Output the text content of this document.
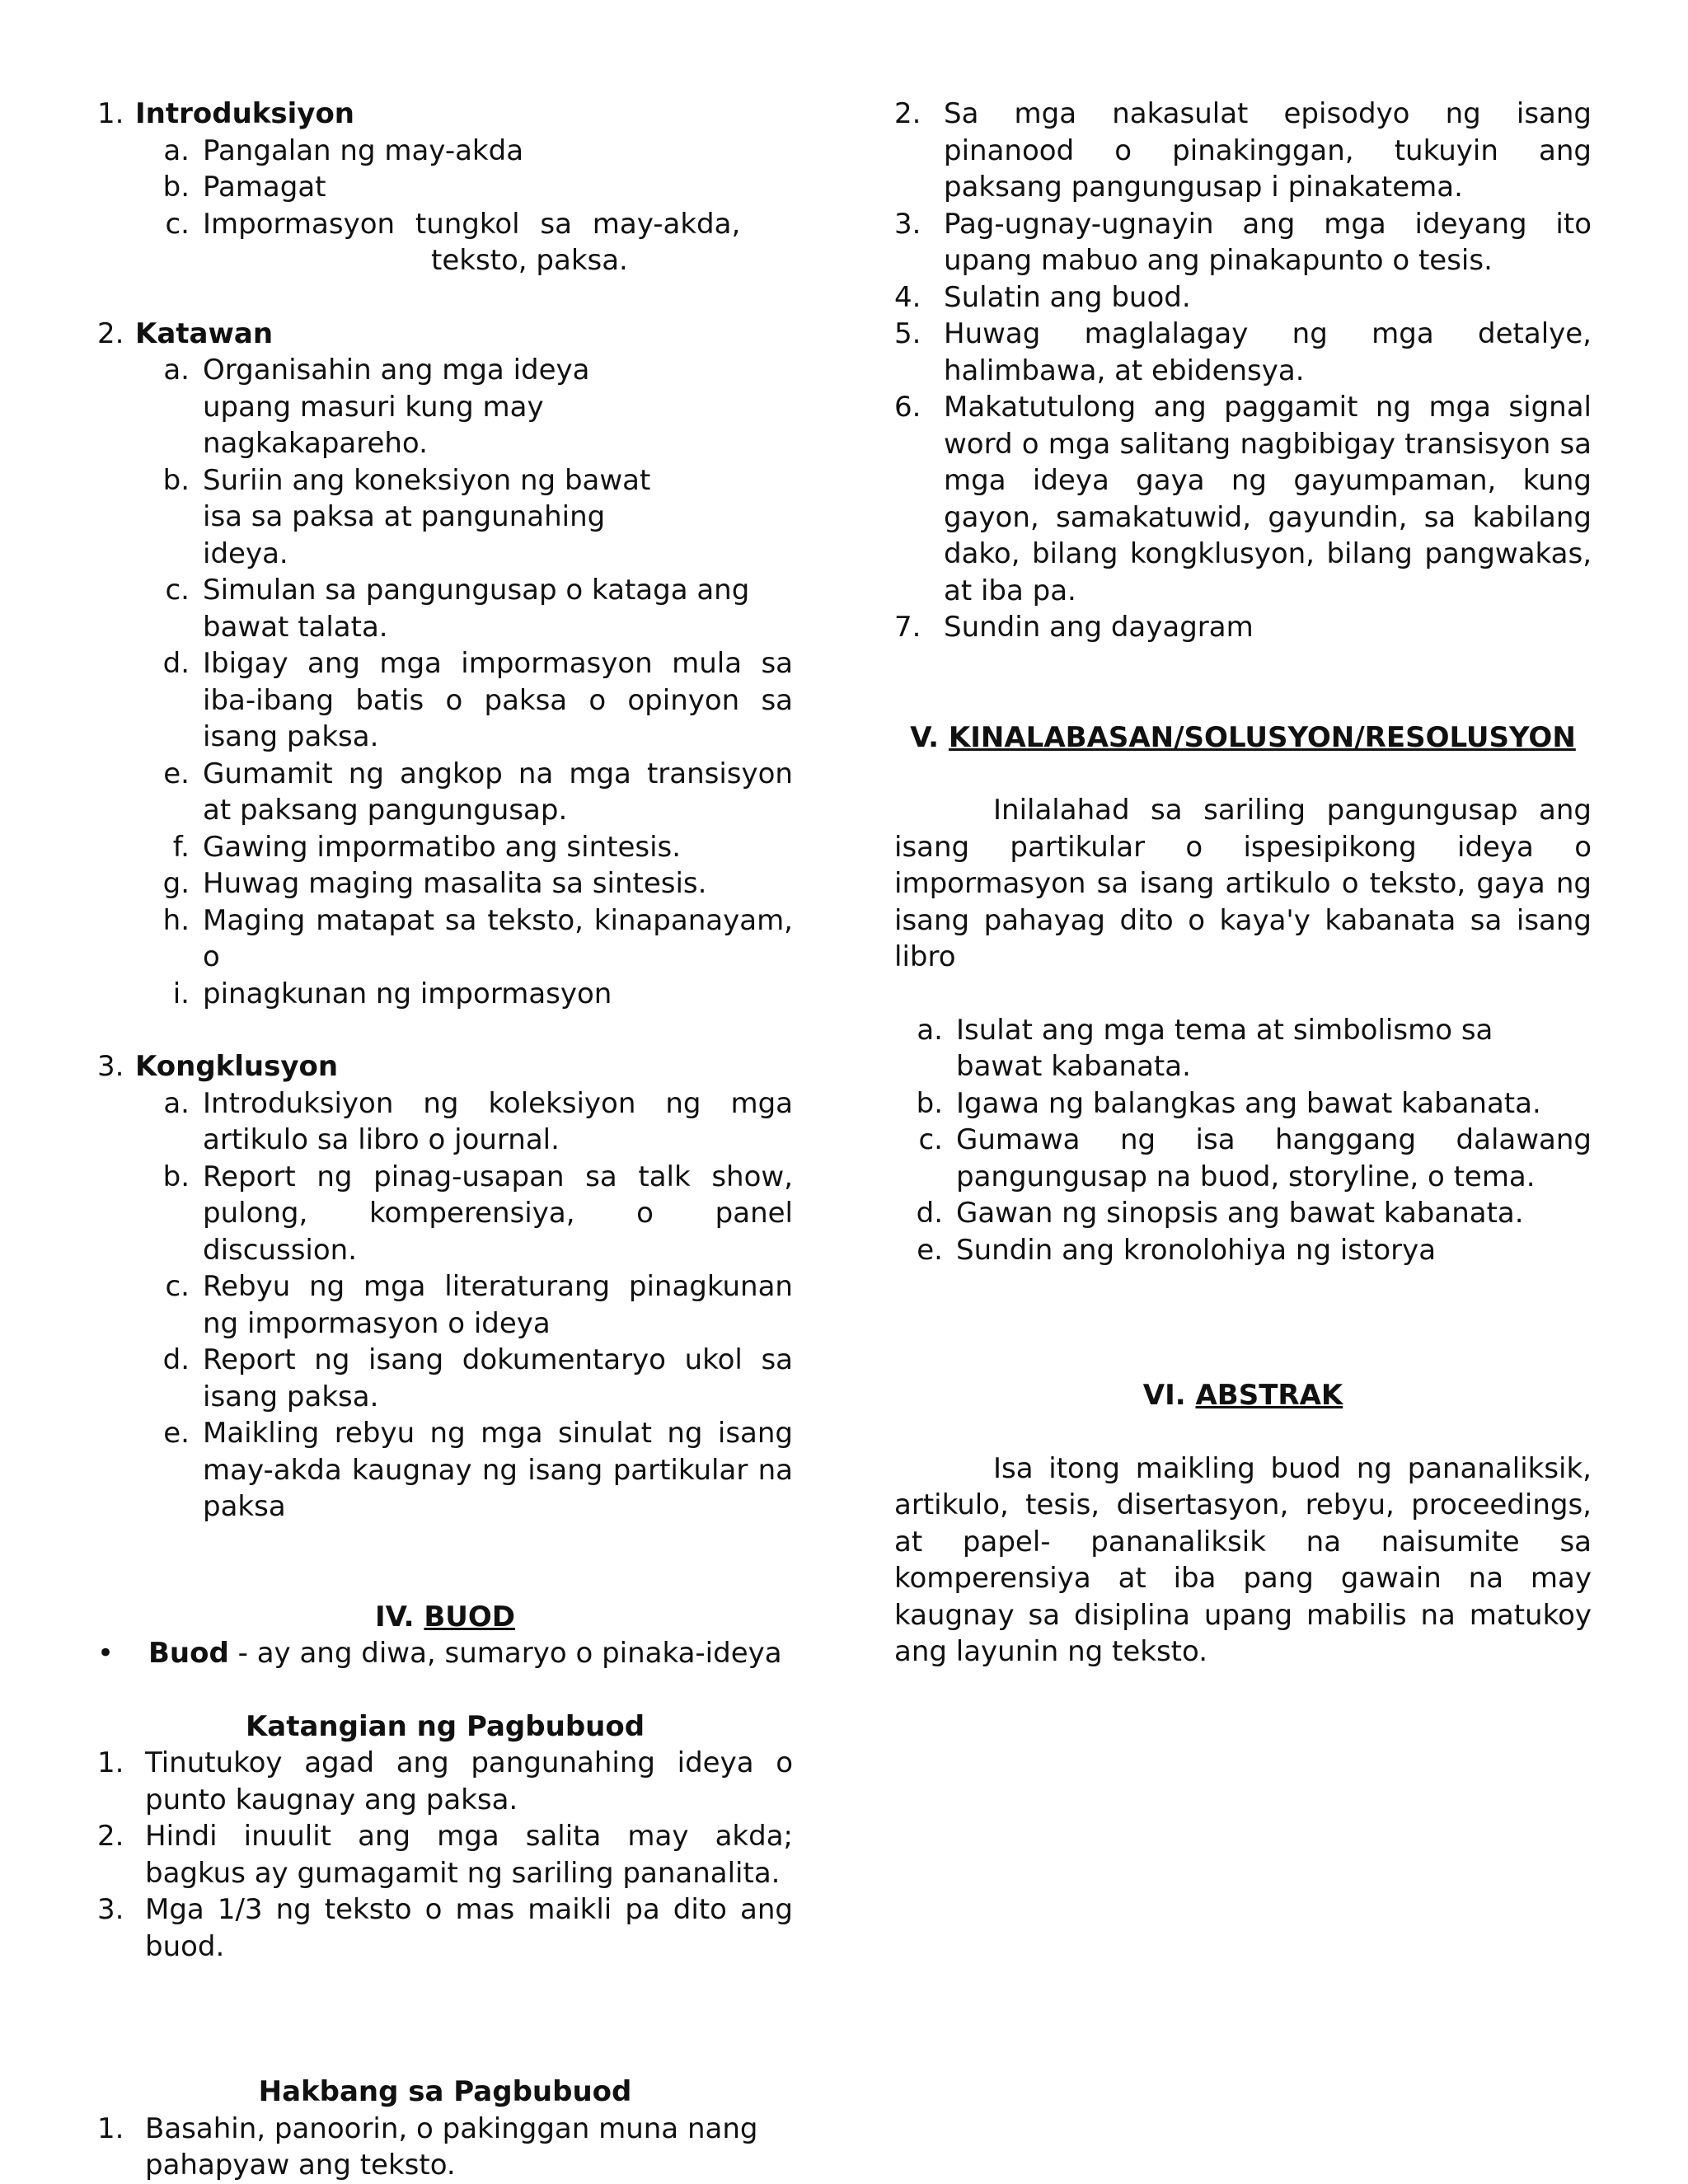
1. Introduksiyon
a. Pangalan ng may-akda
b. Pamagat
c. Impormasyon tungkol sa may-akda,
teksto, paksa.
2. Katawan
a. Organisahin ang mga ideya upang masuri kung may nagkakapareho.
b. Suriin ang koneksiyon ng bawat isa sa paksa at pangunahing ideya.
c. Simulan sa pangungusap o kataga ang bawat talata.
d. Ibigay ang mga impormasyon mula sa iba-ibang batis o paksa o opinyon sa isang paksa.
e. Gumamit ng angkop na mga transisyon at paksang pangungusap.
f. Gawing impormatibo ang sintesis.
g. Huwag maging masalita sa sintesis.
h. Maging matapat sa teksto, kinapanayam, o
i. pinagkunan ng impormasyon
3. Kongklusyon
a. Introduksiyon ng koleksiyon ng mga artikulo sa libro o journal.
b. Report ng pinag-usapan sa talk show, pulong, komperensiya, o panel discussion.
c. Rebyu ng mga literaturang pinagkunan ng impormasyon o ideya
d. Report ng isang dokumentaryo ukol sa isang paksa.
e. Maikling rebyu ng mga sinulat ng isang may-akda kaugnay ng isang partikular na paksa
IV. BUOD
•	Buod - ay ang diwa, sumaryo o pinaka-ideya
Katangian ng Pagbubuod
1. Tinutukoy agad ang pangunahing ideya o punto kaugnay ang paksa.
2. Hindi inuulit ang mga salita may akda; bagkus ay gumagamit ng sariling pananalita.
3. Mga 1/3 ng teksto o mas maikli pa dito ang buod.
Hakbang sa Pagbubuod
1. Basahin, panoorin, o pakinggan muna nang pahapyaw ang teksto.
2. Sa mga nakasulat episodyo ng isang pinanood o pinakinggan, tukuyin ang paksang pangungusap i pinakatema.
3. Pag-ugnay-ugnayin ang mga ideyang ito upang mabuo ang pinakapunto o tesis.
4. Sulatin ang buod.
5. Huwag maglalagay ng mga detalye, halimbawa, at ebidensya.
6. Makatutulong ang paggamit ng mga signal word o mga salitang nagbibigay transisyon sa mga ideya gaya ng gayumpaman, kung gayon, samakatuwid, gayundin, sa kabilang dako, bilang kongklusyon, bilang pangwakas, at iba pa.
7. Sundin ang dayagram
V. KINALABASAN/SOLUSYON/RESOLUSYON
Inilalahad sa sariling pangungusap ang isang partikular o ispesipikong ideya o impormasyon sa isang artikulo o teksto, gaya ng isang pahayag dito o kaya'y kabanata sa isang libro
a. Isulat ang mga tema at simbolismo sa bawat kabanata.
b. Igawa ng balangkas ang bawat kabanata.
c. Gumawa ng isa hanggang dalawang pangungusap na buod, storyline, o tema.
d. Gawan ng sinopsis ang bawat kabanata.
e. Sundin ang kronolohiya ng istorya
VI. ABSTRAK
Isa itong maikling buod ng pananaliksik, artikulo, tesis, disertasyon, rebyu, proceedings, at papel- pananaliksik na naisumite sa komperensiya at iba pang gawain na may kaugnay sa disiplina upang mabilis na matukoy ang layunin ng teksto.
